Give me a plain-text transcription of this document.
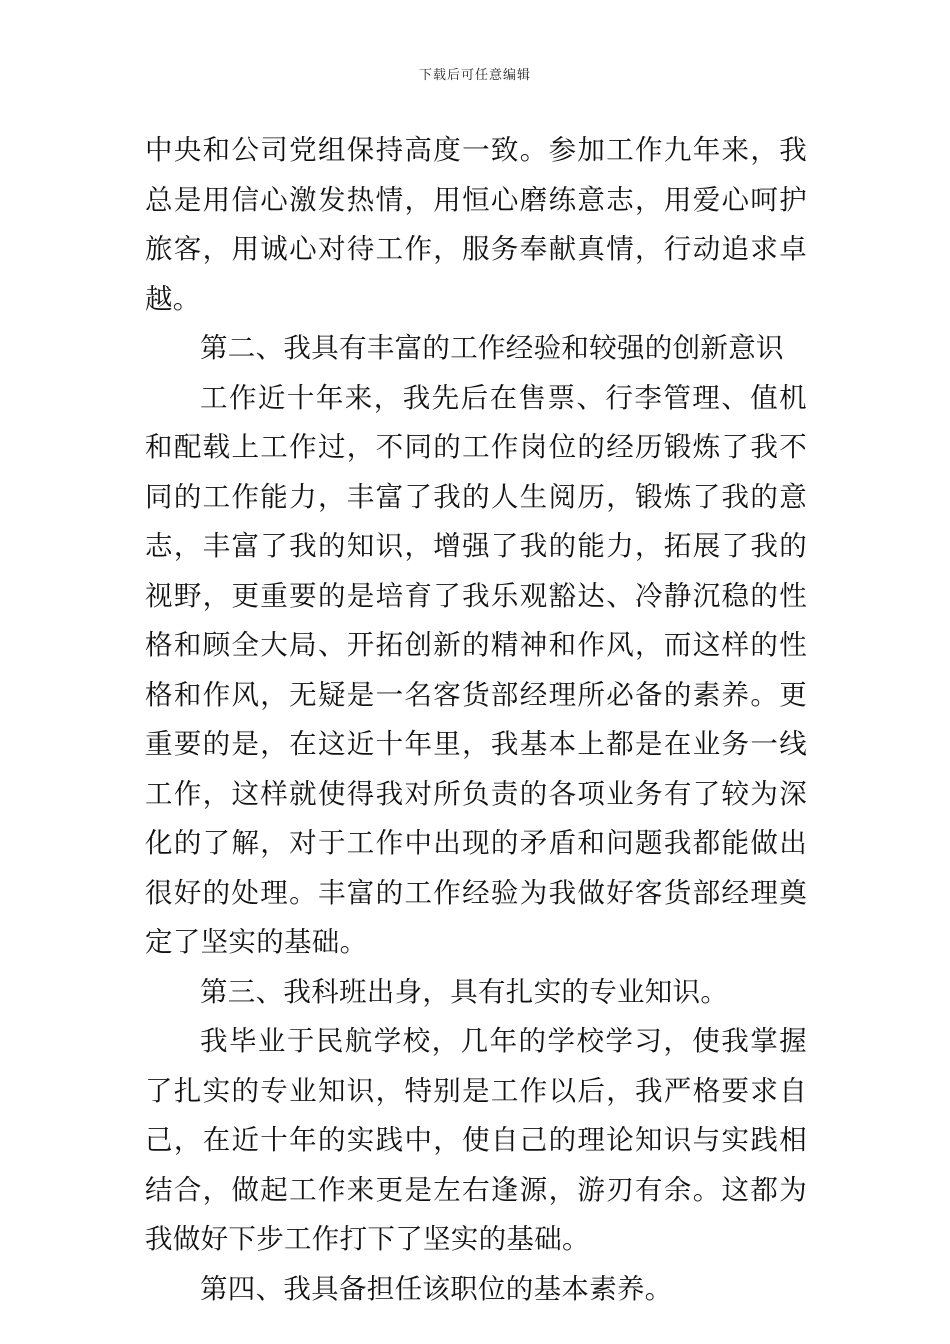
下载后可任意编辑

中央和公司党组保持高度一致。参加工作九年来，我总是用信心激发热情，用恒心磨练意志，用爱心呵护旅客，用诚心对待工作，服务奉献真情，行动追求卓越。

第二、我具有丰富的工作经验和较强的创新意识

工作近十年来，我先后在售票、行李管理、值机和配载上工作过，不同的工作岗位的经历锻炼了我不同的工作能力，丰富了我的人生阅历，锻炼了我的意志，丰富了我的知识，增强了我的能力，拓展了我的视野，更重要的是培育了我乐观豁达、冷静沉稳的性格和顾全大局、开拓创新的精神和作风，而这样的性格和作风，无疑是一名客货部经理所必备的素养。更重要的是，在这近十年里，我基本上都是在业务一线工作，这样就使得我对所负责的各项业务有了较为深化的了解，对于工作中出现的矛盾和问题我都能做出很好的处理。丰富的工作经验为我做好客货部经理奠定了坚实的基础。

第三、我科班出身，具有扎实的专业知识。

我毕业于民航学校，几年的学校学习，使我掌握了扎实的专业知识，特别是工作以后，我严格要求自己，在近十年的实践中，使自己的理论知识与实践相结合，做起工作来更是左右逢源，游刃有余。这都为我做好下步工作打下了坚实的基础。

第四、我具备担任该职位的基本素养。
